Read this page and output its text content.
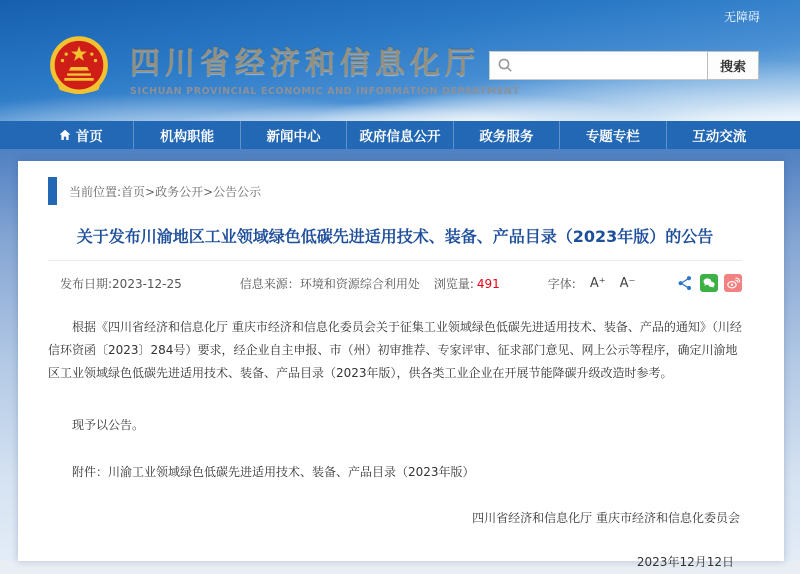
无障碍
四川省经济和信息化厅
SICHUAN PROVINCIAL ECONOMIC AND INFORMATION DEPARTMENT
搜索
首页	机构职能	新闻中心	政府信息公开	政务服务	专题专栏	互动交流
当前位置: 首页>政务公开>公告公示
关于发布川渝地区工业领域绿色低碳先进适用技术、装备、产品目录（2023年版）的公告
发布日期:2023-12-25	信息来源：环境和资源综合利用处 浏览量: 491	字体: A⁺ A⁻

根据《四川省经济和信息化厅 重庆市经济和信息化委员会关于征集工业领域绿色低碳先进适用技术、装备、产品的通知》（川经信环资函〔2023〕284号）要求，经企业自主申报、市（州）初审推荐、专家评审、征求部门意见、网上公示等程序，确定川渝地区工业领域绿色低碳先进适用技术、装备、产品目录（2023年版），供各类工业企业在开展节能降碳升级改造时参考。

现予以公告。

附件：川渝工业领域绿色低碳先进适用技术、装备、产品目录（2023年版）

四川省经济和信息化厅 重庆市经济和信息化委员会

2023年12月12日
